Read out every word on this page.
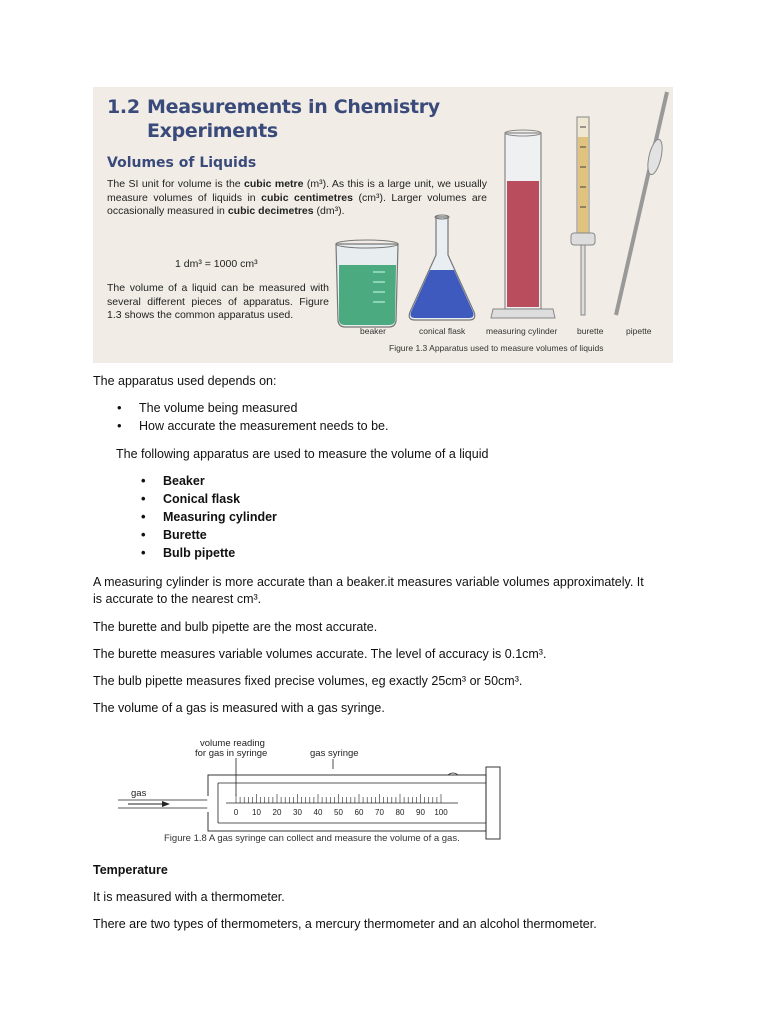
1.2 Measurements in Chemistry
Experiments
Volumes of Liquids
The SI unit for volume is the cubic metre (m³). As this is a large unit, we usually measure volumes of liquids in cubic centimetres (cm³). Larger volumes are occasionally measured in cubic decimetres (dm³).
1 dm³ = 1000 cm³
The volume of a liquid can be measured with several different pieces of apparatus. Figure 1.3 shows the common apparatus used.
beaker	conical flask measuring cylinder burette	pipette
Figure 1.3 Apparatus used to measure volumes of liquids

The apparatus used depends on:

• The volume being measured
• How accurate the measurement needs to be.

The following apparatus are used to measure the volume of a liquid

• Beaker
• Conical flask
• Measuring cylinder
• Burette
• Bulb pipette

A measuring cylinder is more accurate than a beaker.it measures variable volumes approximately. It

is accurate to the nearest cm³.

The burette and bulb pipette are the most accurate.

The burette measures variable volumes accurate. The level of accuracy is 0.1cm³.

The bulb pipette measures fixed precise volumes, eg exactly 25cm³ or 50cm³.

The volume of a gas is measured with a gas syringe.

volume reading
for gas in syringe	gas syringe
gas
0 10 20 30 40 50 60 70 80 90 100
Figure 1.8 A gas syringe can collect and measure the volume of a gas.

Temperature

It is measured with a thermometer.

There are two types of thermometers, a mercury thermometer and an alcohol thermometer.
